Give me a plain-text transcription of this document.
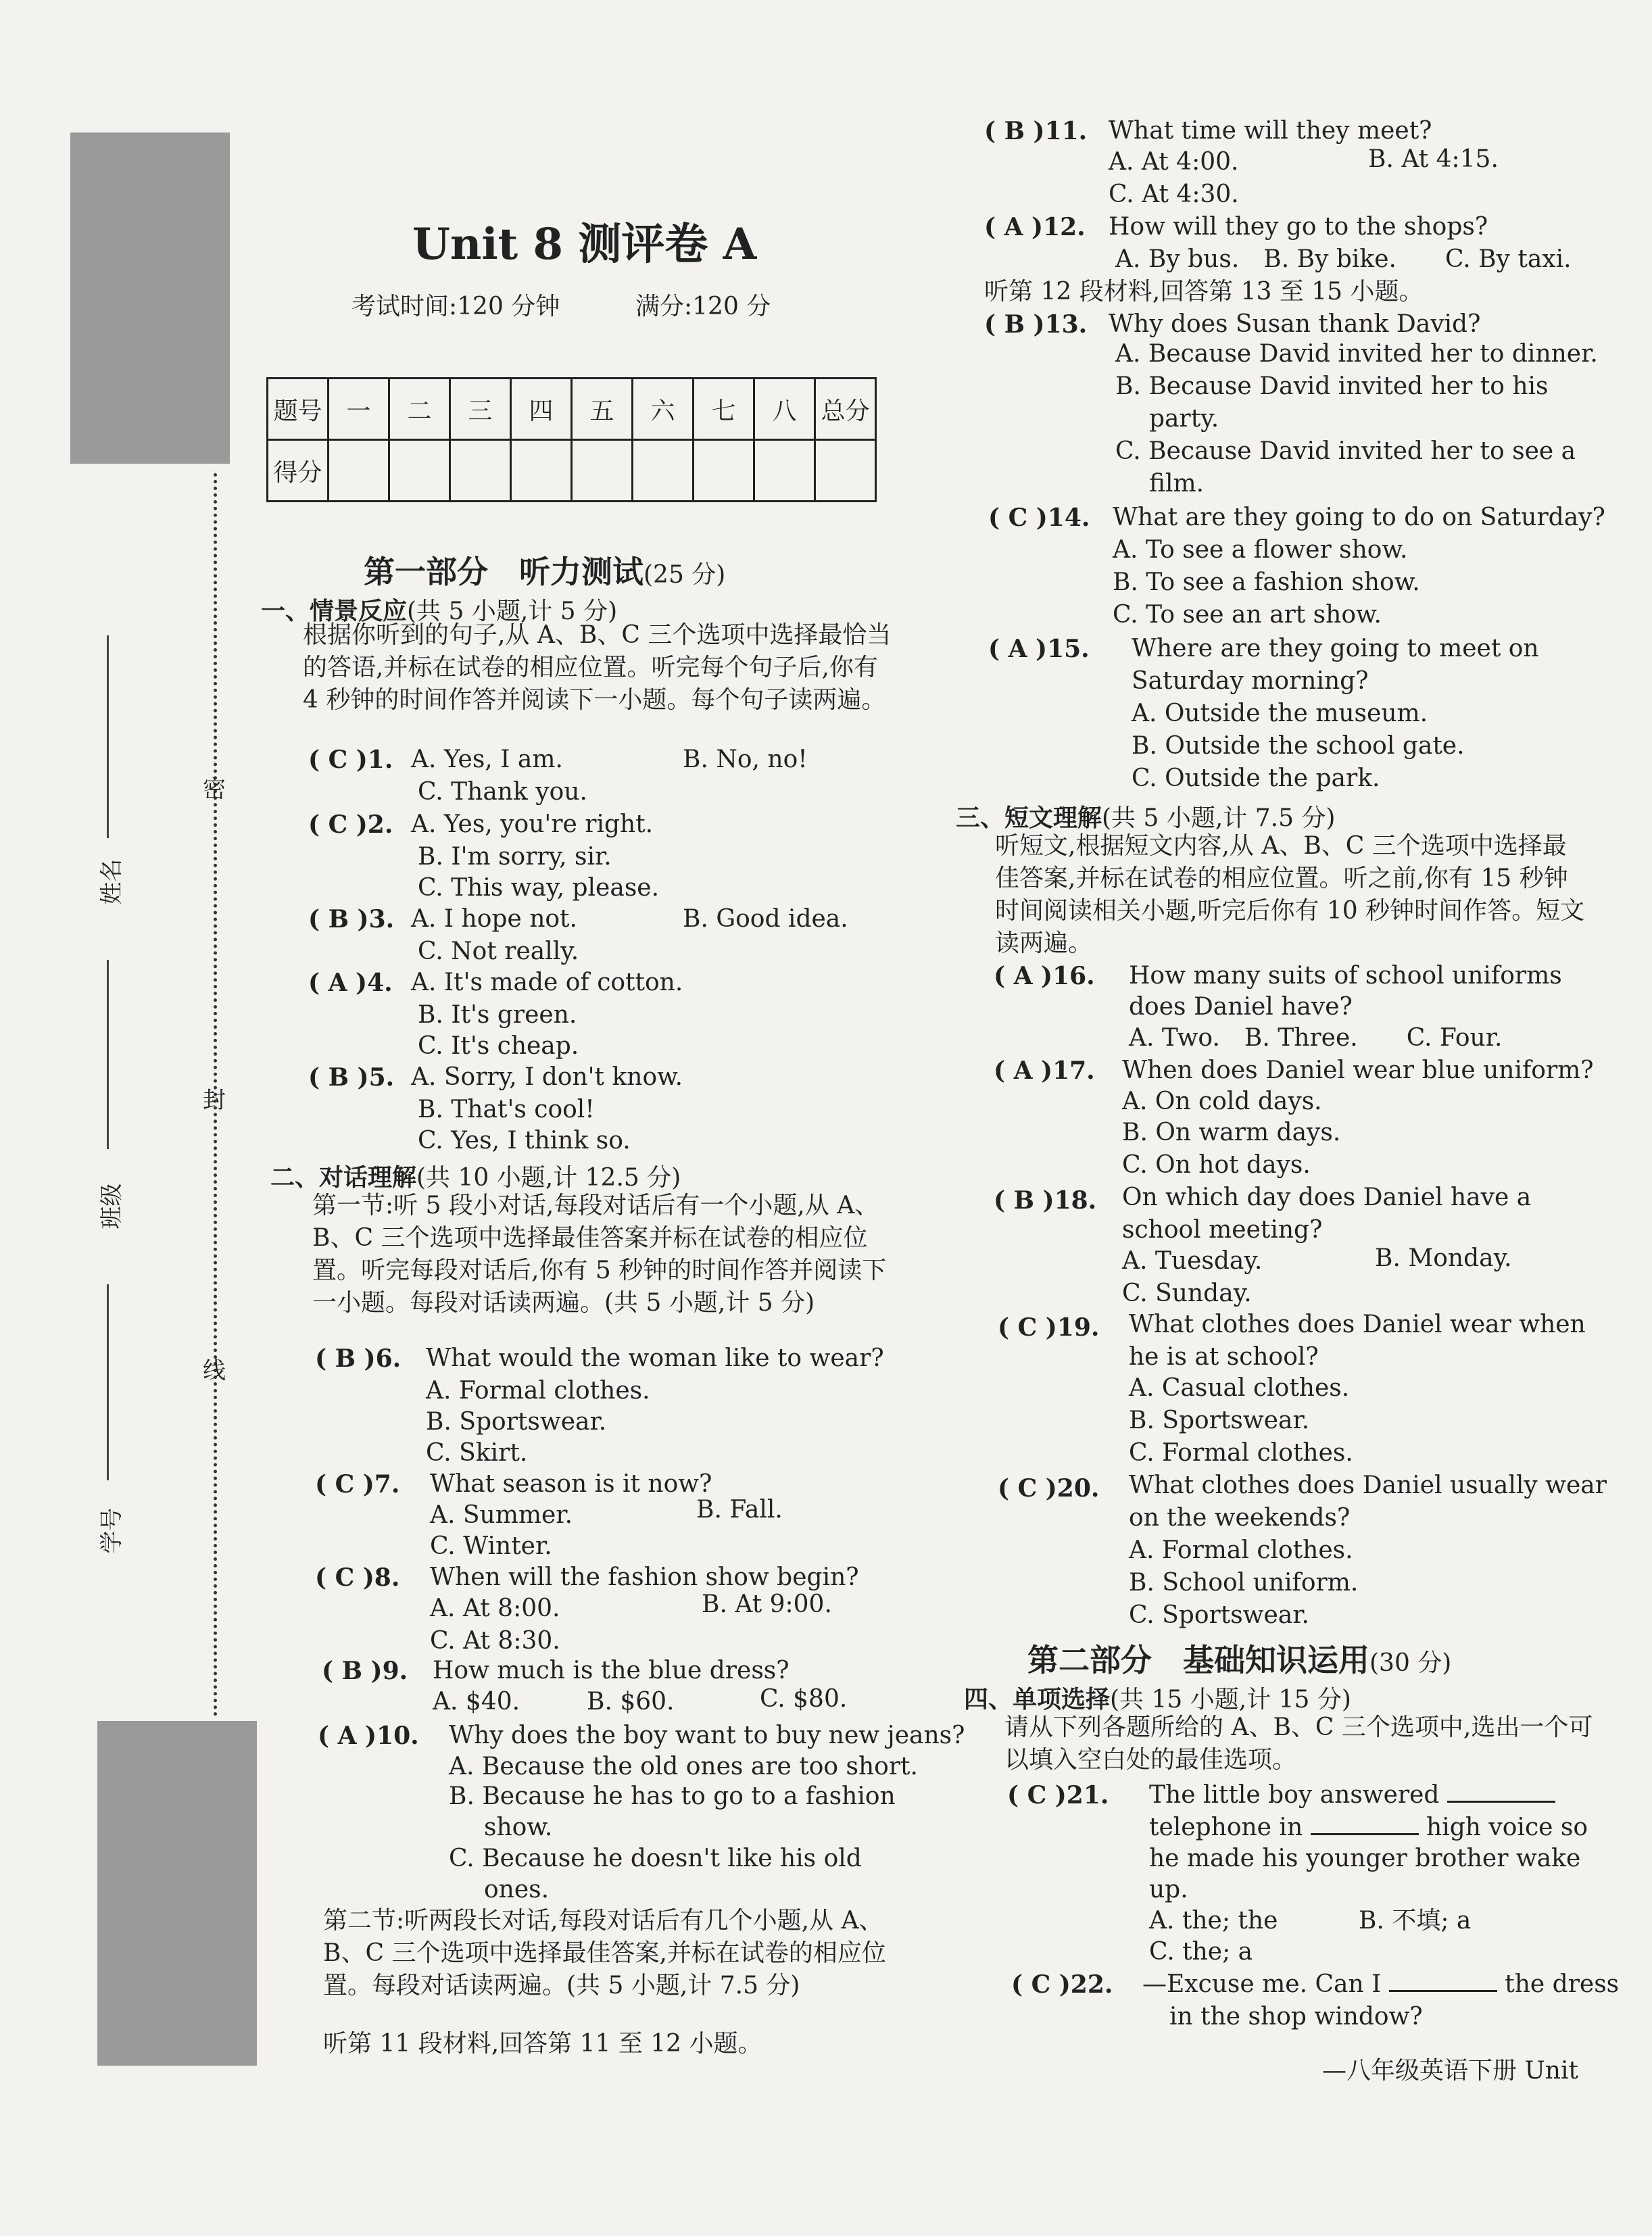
密
封
线
姓名
班级
学号
Unit 8 测评卷 A
考试时间:120 分钟	满分:120 分
题号	一	二	三	四	五	六	七	八	总分
得分									
第一部分　听力测试(25 分)
一、情景反应(共 5 小题,计 5 分)
根据你听到的句子,从 A、B、C 三个选项中选择最恰当的答语,并标在试卷的相应位置。听完每个句子后,你有 4 秒钟的时间作答并阅读下一小题。每个句子读两遍。
( C )1. A. Yes, I am.	B. No, no!
C. Thank you.
( C )2. A. Yes, you're right.
B. I'm sorry, sir.
C. This way, please.
( B )3. A. I hope not.	B. Good idea.
C. Not really.
( A )4. A. It's made of cotton.
B. It's green.
C. It's cheap.
( B )5. A. Sorry, I don't know.
B. That's cool!
C. Yes, I think so.
二、对话理解(共 10 小题,计 12.5 分)
第一节:听 5 段小对话,每段对话后有一个小题,从 A、B、C 三个选项中选择最佳答案并标在试卷的相应位置。听完每段对话后,你有 5 秒钟的时间作答并阅读下一小题。每段对话读两遍。(共 5 小题,计 5 分)
( B )6. What would the woman like to wear?
A. Formal clothes.
B. Sportswear.
C. Skirt.
( C )7. What season is it now?
A. Summer.	B. Fall.
C. Winter.
( C )8. When will the fashion show begin?
A. At 8:00.	B. At 9:00.
C. At 8:30.
( B )9. How much is the blue dress?
A. $40.	B. $60.	C. $80.
( A )10. Why does the boy want to buy new jeans?
A. Because the old ones are too short.
B. Because he has to go to a fashion
show.
C. Because he doesn't like his old
ones.
第二节:听两段长对话,每段对话后有几个小题,从 A、B、C 三个选项中选择最佳答案,并标在试卷的相应位置。每段对话读两遍。(共 5 小题,计 7.5 分)
听第 11 段材料,回答第 11 至 12 小题。
( B )11. What time will they meet?
A. At 4:00.	B. At 4:15.
C. At 4:30.
( A )12. How will they go to the shops?
A. By bus.　B. By bike.　　C. By taxi.
听第 12 段材料,回答第 13 至 15 小题。
( B )13. Why does Susan thank David?
A. Because David invited her to dinner.
B. Because David invited her to his
party.
C. Because David invited her to see a
film.
( C )14. What are they going to do on Saturday?
A. To see a flower show.
B. To see a fashion show.
C. To see an art show.
( A )15. Where are they going to meet on
Saturday morning?
A. Outside the museum.
B. Outside the school gate.
C. Outside the park.
三、短文理解(共 5 小题,计 7.5 分)
听短文,根据短文内容,从 A、B、C 三个选项中选择最佳答案,并标在试卷的相应位置。听之前,你有 15 秒钟时间阅读相关小题,听完后你有 10 秒钟时间作答。短文读两遍。
( A )16. How many suits of school uniforms
does Daniel have?
A. Two.　B. Three.　　C. Four.
( A )17. When does Daniel wear blue uniform?
A. On cold days.
B. On warm days.
C. On hot days.
( B )18. On which day does Daniel have a
school meeting?
A. Tuesday.	B. Monday.
C. Sunday.
( C )19. What clothes does Daniel wear when
he is at school?
A. Casual clothes.
B. Sportswear.
C. Formal clothes.
( C )20. What clothes does Daniel usually wear
on the weekends?
A. Formal clothes.
B. School uniform.
C. Sportswear.
第二部分　基础知识运用(30 分)
四、单项选择(共 15 小题,计 15 分)
请从下列各题所给的 A、B、C 三个选项中,选出一个可以填入空白处的最佳选项。
( C )21. The little boy answered
telephone in	high voice so
he made his younger brother wake
up.
A. the; the	B. 不填; a
C. the; a
( C )22. —Excuse me. Can I	the dress
in the shop window?
—八年级英语下册 Unit
